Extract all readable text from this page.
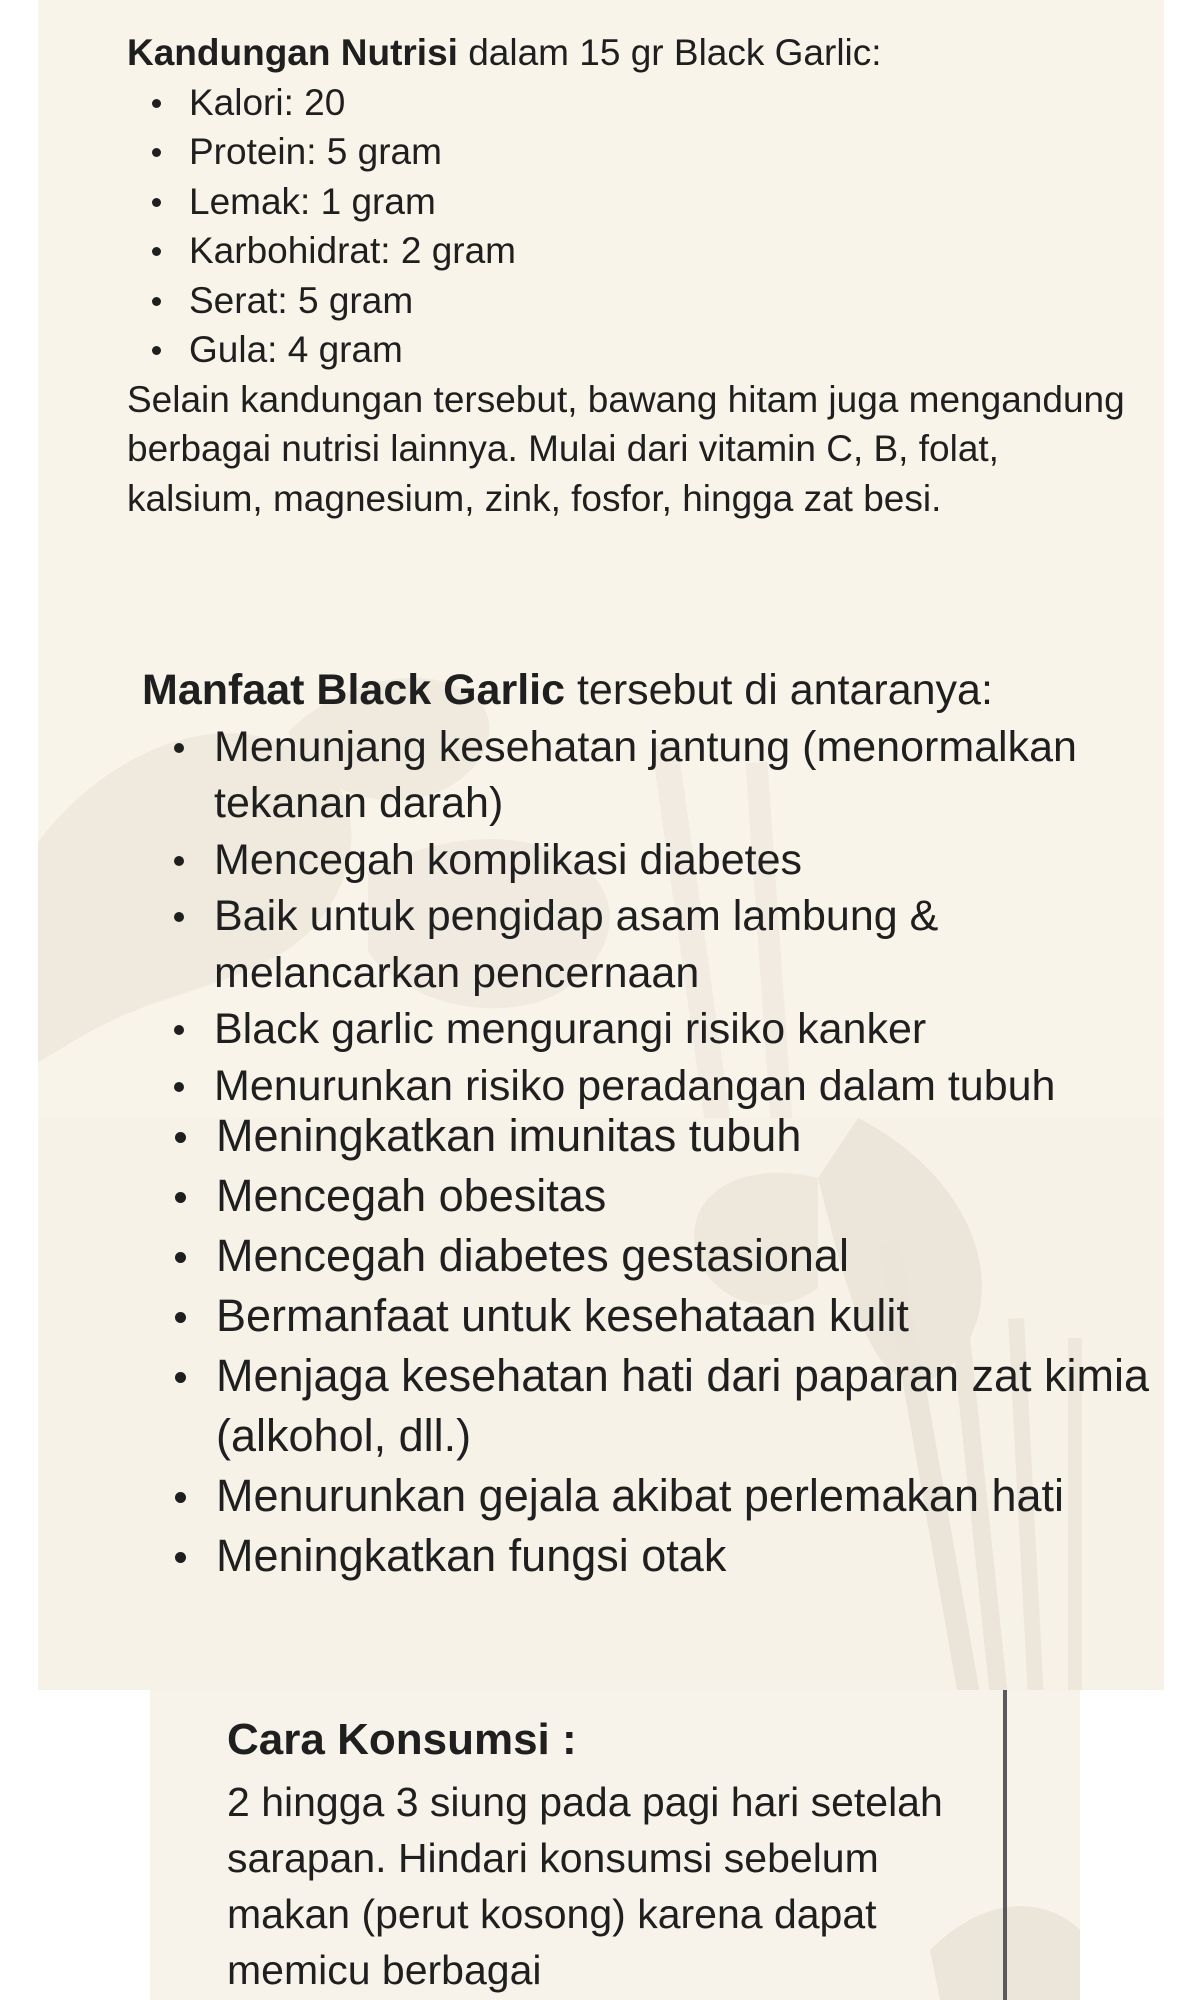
Kandungan Nutrisi dalam 15 gr Black Garlic:

Kalori: 20
Protein: 5 gram
Lemak: 1 gram
Karbohidrat: 2 gram
Serat: 5 gram
Gula: 4 gram

Selain kandungan tersebut, bawang hitam juga mengandung berbagai nutrisi lainnya. Mulai dari vitamin C, B, folat, kalsium, magnesium, zink, fosfor, hingga zat besi.

Manfaat Black Garlic tersebut di antaranya:

Menunjang kesehatan jantung (menormalkan tekanan darah)
Mencegah komplikasi diabetes
Baik untuk pengidap asam lambung & melancarkan pencernaan
Black garlic mengurangi risiko kanker
Menurunkan risiko peradangan dalam tubuh
Meningkatkan imunitas tubuh
Mencegah obesitas
Mencegah diabetes gestasional
Bermanfaat untuk kesehataan kulit
Menjaga kesehatan hati dari paparan zat kimia (alkohol, dll.)
Menurunkan gejala akibat perlemakan hati
Meningkatkan fungsi otak

Cara Konsumsi :

2 hingga 3 siung pada pagi hari setelah sarapan. Hindari konsumsi sebelum makan (perut kosong) karena dapat memicu berbagai
